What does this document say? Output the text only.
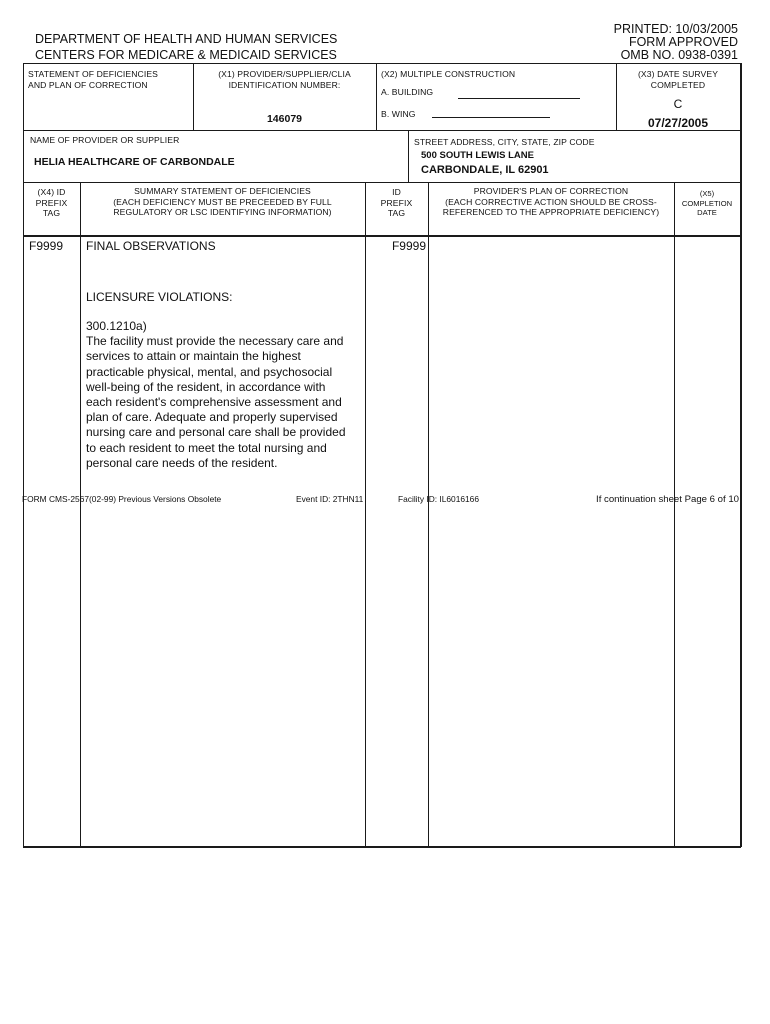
DEPARTMENT OF HEALTH AND HUMAN SERVICES
CENTERS FOR MEDICARE & MEDICAID SERVICES
PRINTED: 10/03/2005
FORM APPROVED
OMB NO. 0938-0391
STATEMENT OF DEFICIENCIES
AND PLAN OF CORRECTION
(X1) PROVIDER/SUPPLIER/CLIA
IDENTIFICATION NUMBER:
146079
(X2) MULTIPLE CONSTRUCTION
A. BUILDING
B. WING
(X3) DATE SURVEY
COMPLETED
C
07/27/2005
NAME OF PROVIDER OR SUPPLIER
HELIA HEALTHCARE OF CARBONDALE
STREET ADDRESS, CITY, STATE, ZIP CODE
500 SOUTH LEWIS LANE
CARBONDALE, IL 62901
(X4) ID
PREFIX
TAG
SUMMARY STATEMENT OF DEFICIENCIES
(EACH DEFICIENCY MUST BE PRECEEDED BY FULL
REGULATORY OR LSC IDENTIFYING INFORMATION)
ID
PREFIX
TAG
PROVIDER'S PLAN OF CORRECTION
(EACH CORRECTIVE ACTION SHOULD BE CROSS-
REFERENCED TO THE APPROPRIATE DEFICIENCY)
(X5)
COMPLETION
DATE
F9999 FINAL OBSERVATIONS	F9999
LICENSURE VIOLATIONS:
300.1210a)
The facility must provide the necessary care and
services to attain or maintain the highest
practicable physical, mental, and psychosocial
well-being of the resident, in accordance with
each resident's comprehensive assessment and
plan of care. Adequate and properly supervised
nursing care and personal care shall be provided
to each resident to meet the total nursing and
personal care needs of the resident.
FORM CMS-2567(02-99) Previous Versions Obsolete	Event ID: 2THN11	Facility ID: IL6016166	If continuation sheet Page 6 of 10
